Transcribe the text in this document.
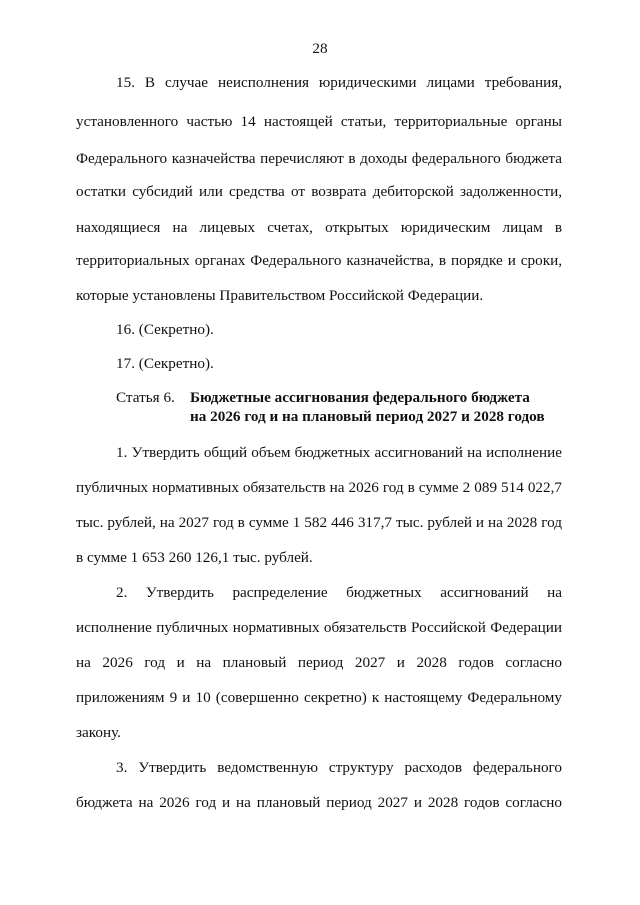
28
15. В случае неисполнения юридическими лицами требования,
установленного частью 14 настоящей статьи, территориальные органы
Федерального казначейства перечисляют в доходы федерального бюджета
остатки субсидий или средства от возврата дебиторской задолженности,
находящиеся на лицевых счетах, открытых юридическим лицам в
территориальных органах Федерального казначейства, в порядке и сроки,
которые установлены Правительством Российской Федерации.
16. (Секретно).
17. (Секретно).
Статья 6. Бюджетные ассигнования федерального бюджета
на 2026 год и на плановый период 2027 и 2028 годов
1. Утвердить общий объем бюджетных ассигнований на исполнение
публичных нормативных обязательств на 2026 год в сумме 2 089 514 022,7
тыс. рублей, на 2027 год в сумме 1 582 446 317,7 тыс. рублей и на 2028 год
в сумме 1 653 260 126,1 тыс. рублей.
2. Утвердить распределение бюджетных ассигнований на
исполнение публичных нормативных обязательств Российской Федерации
на 2026 год и на плановый период 2027 и 2028 годов согласно
приложениям 9 и 10 (совершенно секретно) к настоящему Федеральному
закону.
3. Утвердить ведомственную структуру расходов федерального
бюджета на 2026 год и на плановый период 2027 и 2028 годов согласно
